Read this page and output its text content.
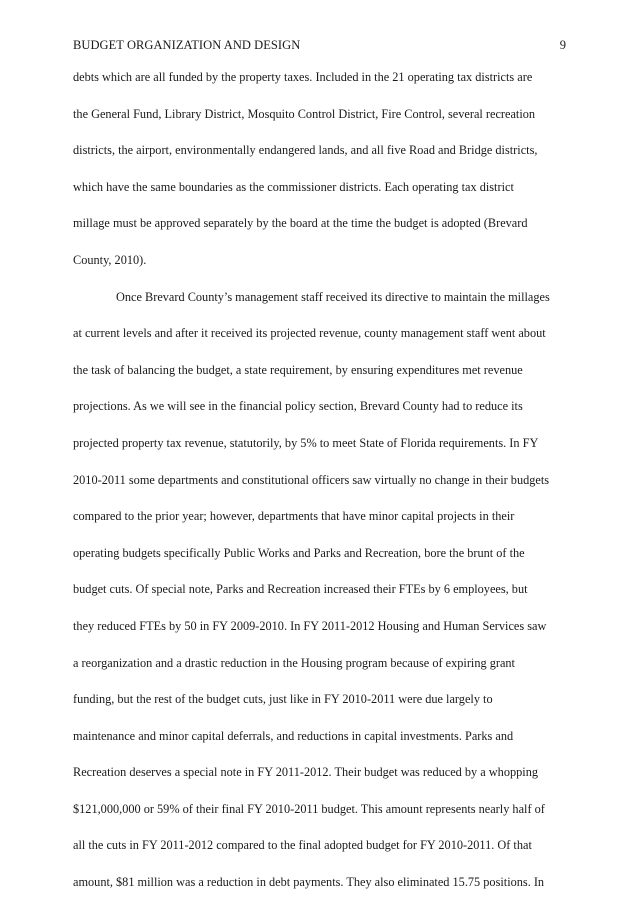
BUDGET ORGANIZATION AND DESIGN	9
debts which are all funded by the property taxes. Included in the 21 operating tax districts are
the General Fund, Library District, Mosquito Control District, Fire Control, several recreation
districts, the airport, environmentally endangered lands, and all five Road and Bridge districts,
which have the same boundaries as the commissioner districts. Each operating tax district
millage must be approved separately by the board at the time the budget is adopted (Brevard
County, 2010).
Once Brevard County’s management staff received its directive to maintain the millages
at current levels and after it received its projected revenue, county management staff went about
the task of balancing the budget, a state requirement, by ensuring expenditures met revenue
projections. As we will see in the financial policy section, Brevard County had to reduce its
projected property tax revenue, statutorily, by 5% to meet State of Florida requirements. In FY
2010-2011 some departments and constitutional officers saw virtually no change in their budgets
compared to the prior year; however, departments that have minor capital projects in their
operating budgets specifically Public Works and Parks and Recreation, bore the brunt of the
budget cuts. Of special note, Parks and Recreation increased their FTEs by 6 employees, but
they reduced FTEs by 50 in FY 2009-2010. In FY 2011-2012 Housing and Human Services saw
a reorganization and a drastic reduction in the Housing program because of expiring grant
funding, but the rest of the budget cuts, just like in FY 2010-2011 were due largely to
maintenance and minor capital deferrals, and reductions in capital investments. Parks and
Recreation deserves a special note in FY 2011-2012. Their budget was reduced by a whopping
$121,000,000 or 59% of their final FY 2010-2011 budget. This amount represents nearly half of
all the cuts in FY 2011-2012 compared to the final adopted budget for FY 2010-2011. Of that
amount, $81 million was a reduction in debt payments. They also eliminated 15.75 positions. In
